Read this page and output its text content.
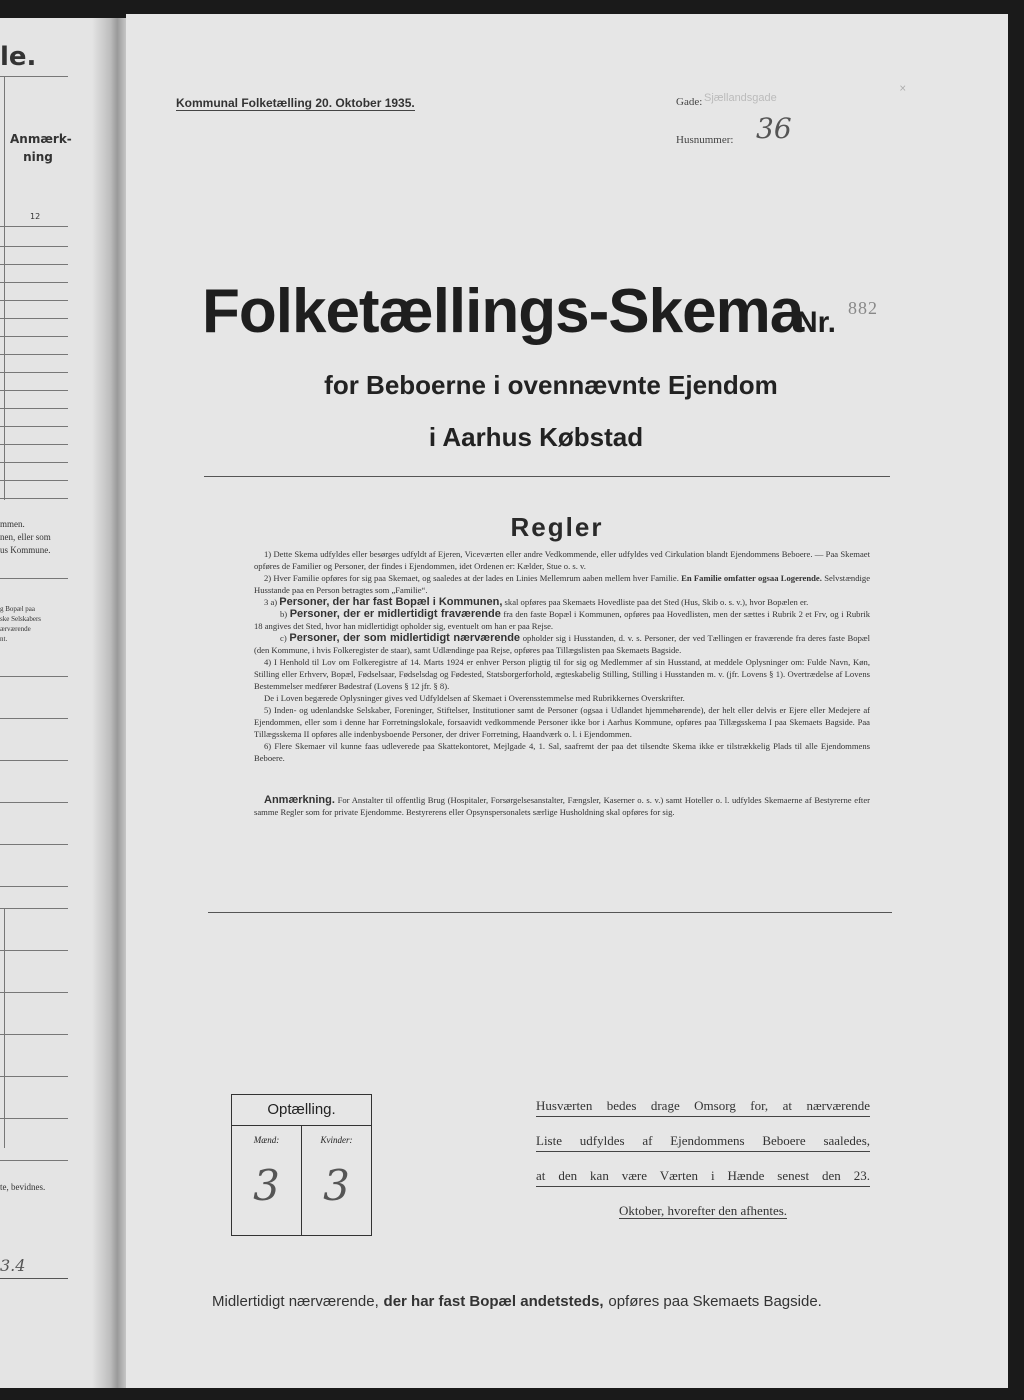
le.
Anmærk-
ning
12
mmen.
nen, eller som
us Kommune.
g Bopæl paa
ske Selskabers
ærværende
nt.
te, bevidnes.
3.4
Kommunal Folketælling 20. Oktober 1935.	Gade: Sjællandsgade
Husnummer: 36
×
Folketællings-Skema
Nr. 882
for Beboerne i ovennævnte Ejendom
i Aarhus Købstad
Regler

1) Dette Skema udfyldes eller besørges udfyldt af Ejeren, Viceværten eller andre Vedkommende, eller udfyldes ved Cirkulation blandt Ejendommens Beboere. — Paa Skemaet opføres de Familier og Personer, der findes i Ejendommen, idet Ordenen er: Kælder, Stue o. s. v.

2) Hver Familie opføres for sig paa Skemaet, og saaledes at der lades en Linies Mellemrum aaben mellem hver Familie. En Familie omfatter ogsaa Logerende. Selvstændige Husstande paa en Person betragtes som „Familie“.

3 a) Personer, der har fast Bopæl i Kommunen, skal opføres paa Skemaets Hovedliste paa det Sted (Hus, Skib o. s. v.), hvor Bopælen er.

b) Personer, der er midlertidigt fraværende fra den faste Bopæl i Kommunen, opføres paa Hovedlisten, men der sættes i Rubrik 2 et Frv, og i Rubrik 18 angives det Sted, hvor han midlertidigt opholder sig, eventuelt om han er paa Rejse.

c) Personer, der som midlertidigt nærværende opholder sig i Husstanden, d. v. s. Personer, der ved Tællingen er fraværende fra deres faste Bopæl (den Kommune, i hvis Folkeregister de staar), samt Udlændinge paa Rejse, opføres paa Tillægslisten paa Skemaets Bagside.

4) I Henhold til Lov om Folkeregistre af 14. Marts 1924 er enhver Person pligtig til for sig og Medlemmer af sin Husstand, at meddele Oplysninger om: Fulde Navn, Køn, Stilling eller Erhverv, Bopæl, Fødselsaar, Fødselsdag og Fødested, Statsborgerforhold, ægteskabelig Stilling, Stilling i Husstanden m. v. (jfr. Lovens § 1). Overtrædelse af Lovens Bestemmelser medfører Bødestraf (Lovens § 12 jfr. § 8).

De i Loven begærede Oplysninger gives ved Udfyldelsen af Skemaet i Overensstemmelse med Rubrikkernes Overskrifter.

5) Inden- og udenlandske Selskaber, Foreninger, Stiftelser, Institutioner samt de Personer (ogsaa i Udlandet hjemmehørende), der helt eller delvis er Ejere eller Medejere af Ejendommen, eller som i denne har Forretningslokale, forsaavidt vedkommende Personer ikke bor i Aarhus Kommune, opføres paa Tillægsskema I paa Skemaets Bagside. Paa Tillægsskema II opføres alle indenbysboende Personer, der driver Forretning, Haandværk o. l. i Ejendommen.

6) Flere Skemaer vil kunne faas udleverede paa Skattekontoret, Mejlgade 4, 1. Sal, saafremt der paa det tilsendte Skema ikke er tilstrækkelig Plads til alle Ejendommens Beboere.

Anmærkning. For Anstalter til offentlig Brug (Hospitaler, Forsørgelsesanstalter, Fængsler, Kaserner o. s. v.) samt Hoteller o. l. udfyldes Skemaerne af Bestyrerne efter samme Regler som for private Ejendomme. Bestyrerens eller Opsynspersonalets særlige Husholdning skal opføres for sig.

Optælling.
Mænd:	Kvinder:
3	3
Husværten bedes drage Omsorg for, at nærværende
Liste udfyldes af Ejendommens Beboere saaledes,
at den kan være Værten i Hænde senest den 23.
Oktober, hvorefter den afhentes.
Midlertidigt nærværende, der har fast Bopæl andetsteds, opføres paa Skemaets Bagside.
